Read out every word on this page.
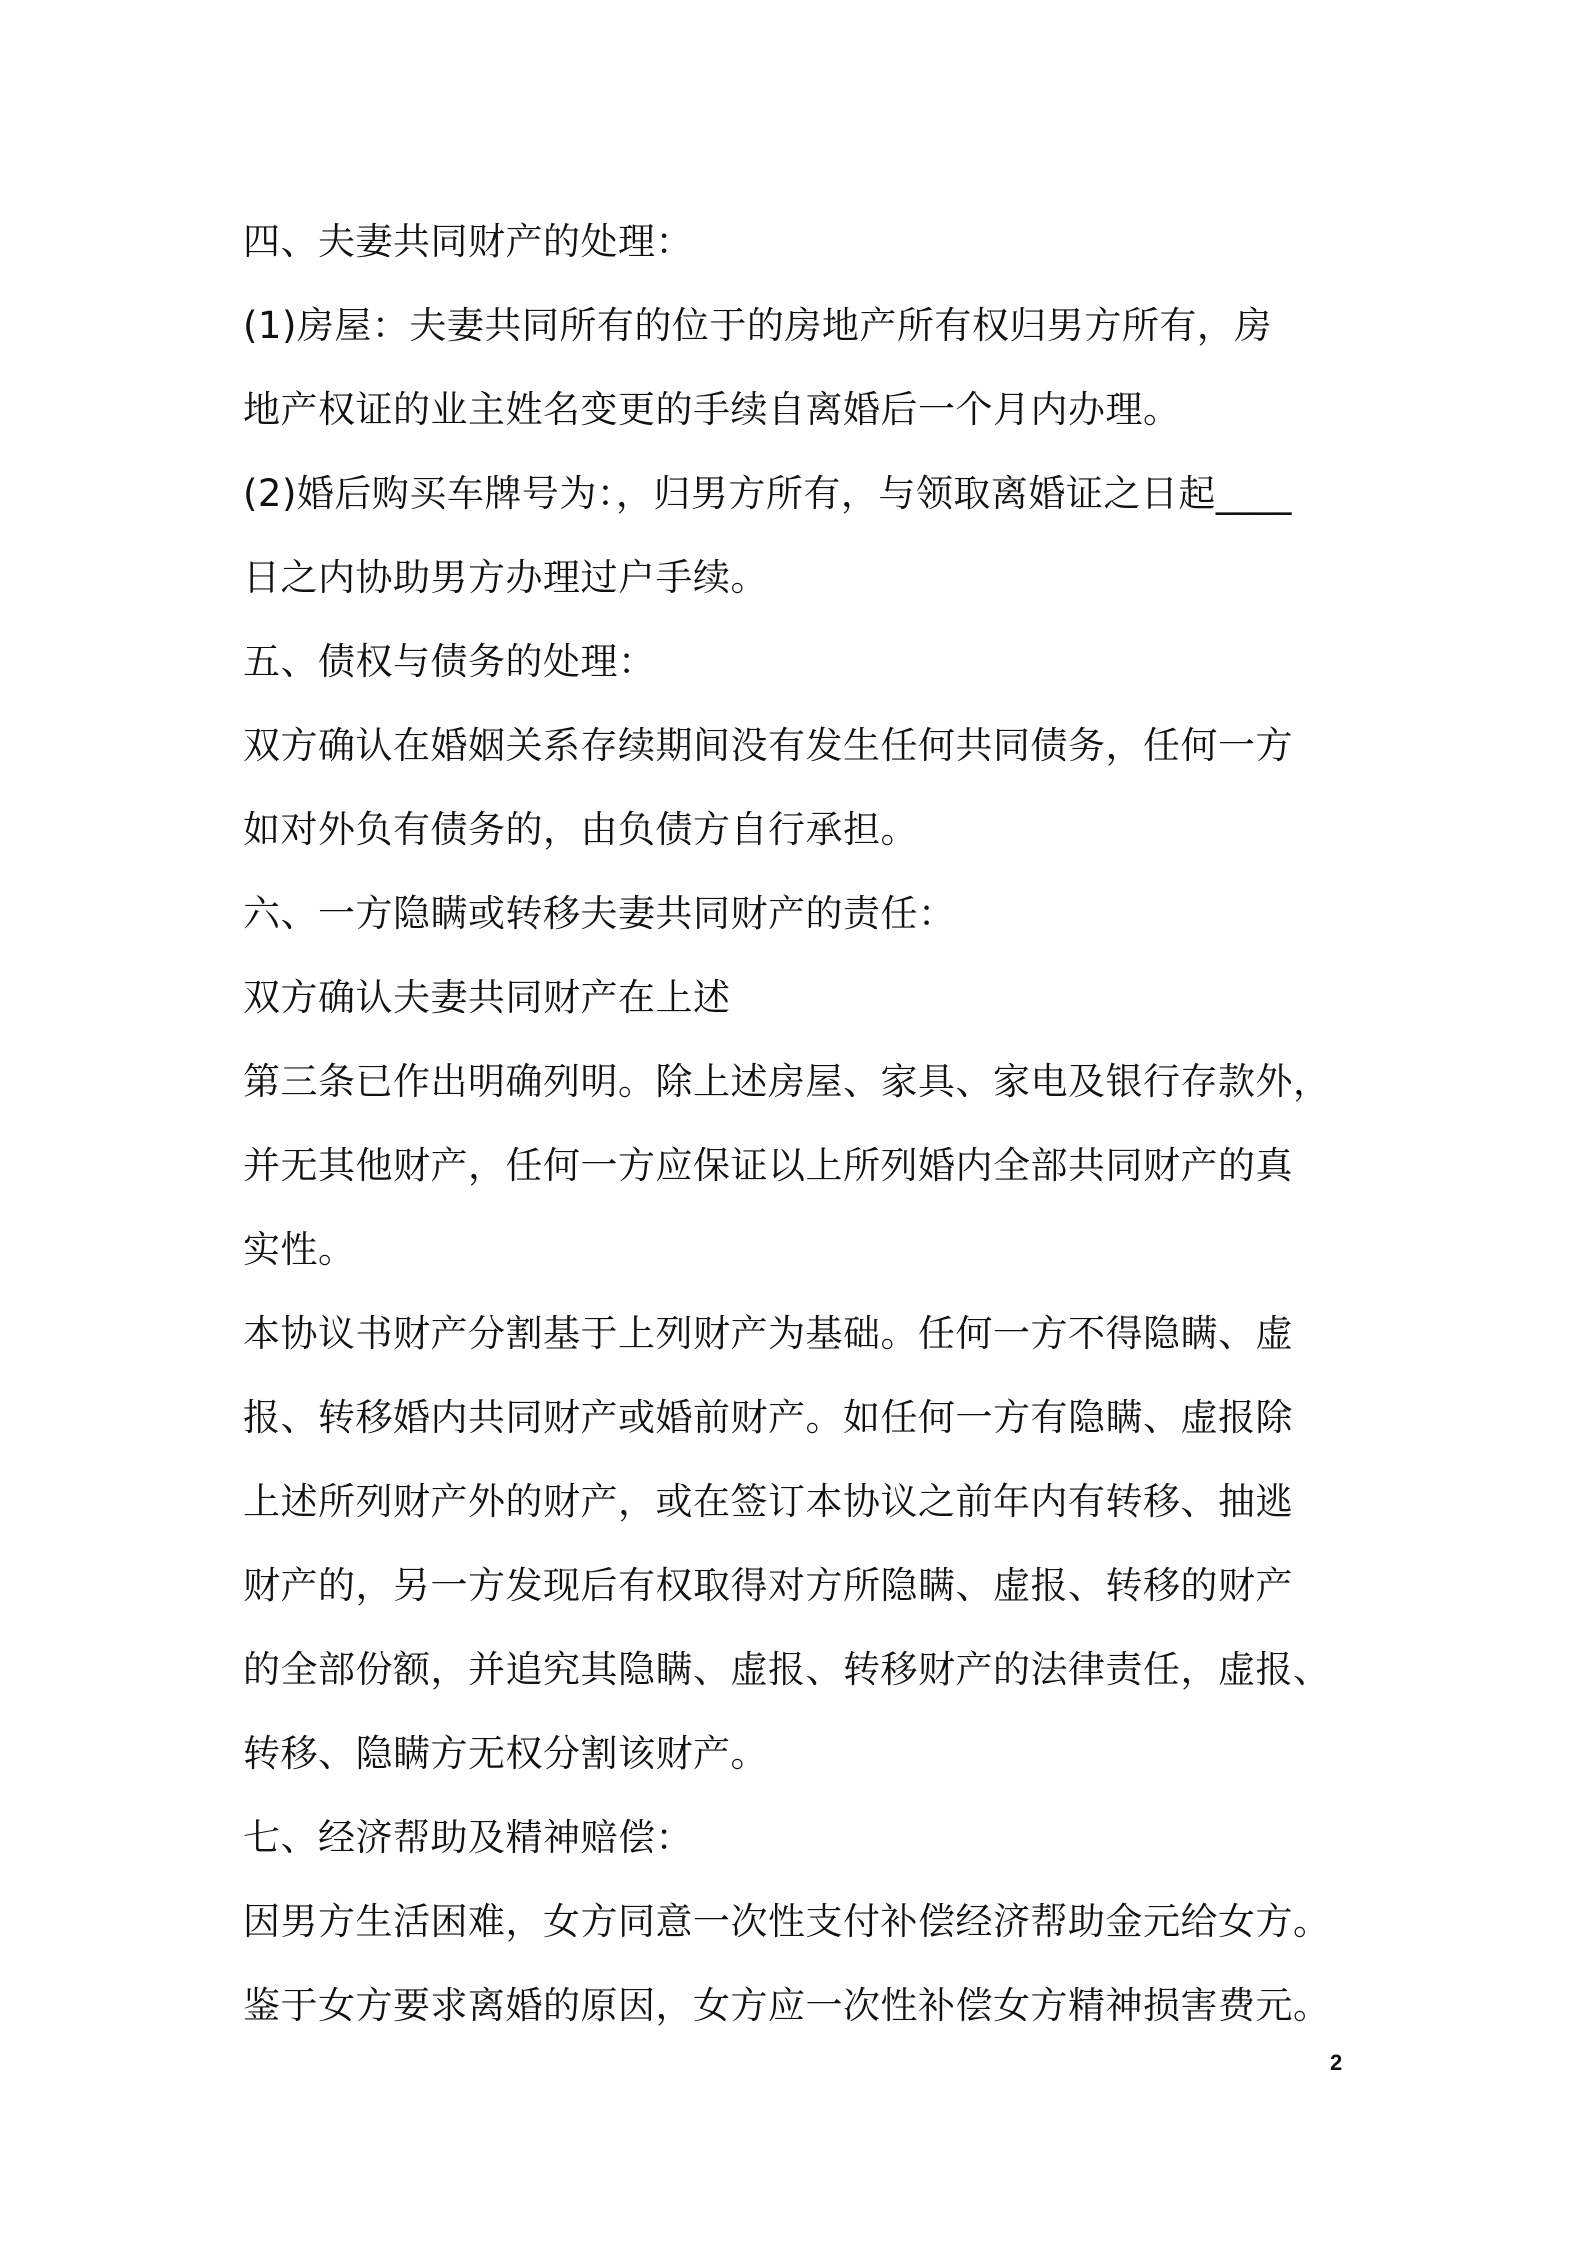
四、夫妻共同财产的处理：
(1)房屋：夫妻共同所有的位于的房地产所有权归男方所有，房
地产权证的业主姓名变更的手续自离婚后一个月内办理。
(2)婚后购买车牌号为：，归男方所有，与领取离婚证之日起____
日之内协助男方办理过户手续。
五、债权与债务的处理：
双方确认在婚姻关系存续期间没有发生任何共同债务，任何一方
如对外负有债务的，由负债方自行承担。
六、一方隐瞒或转移夫妻共同财产的责任：
双方确认夫妻共同财产在上述
第三条已作出明确列明。除上述房屋、家具、家电及银行存款外，
并无其他财产，任何一方应保证以上所列婚内全部共同财产的真
实性。
本协议书财产分割基于上列财产为基础。任何一方不得隐瞒、虚
报、转移婚内共同财产或婚前财产。如任何一方有隐瞒、虚报除
上述所列财产外的财产，或在签订本协议之前年内有转移、抽逃
财产的，另一方发现后有权取得对方所隐瞒、虚报、转移的财产
的全部份额，并追究其隐瞒、虚报、转移财产的法律责任，虚报、
转移、隐瞒方无权分割该财产。
七、经济帮助及精神赔偿：
因男方生活困难，女方同意一次性支付补偿经济帮助金元给女方。
鉴于女方要求离婚的原因，女方应一次性补偿女方精神损害费元。
2
